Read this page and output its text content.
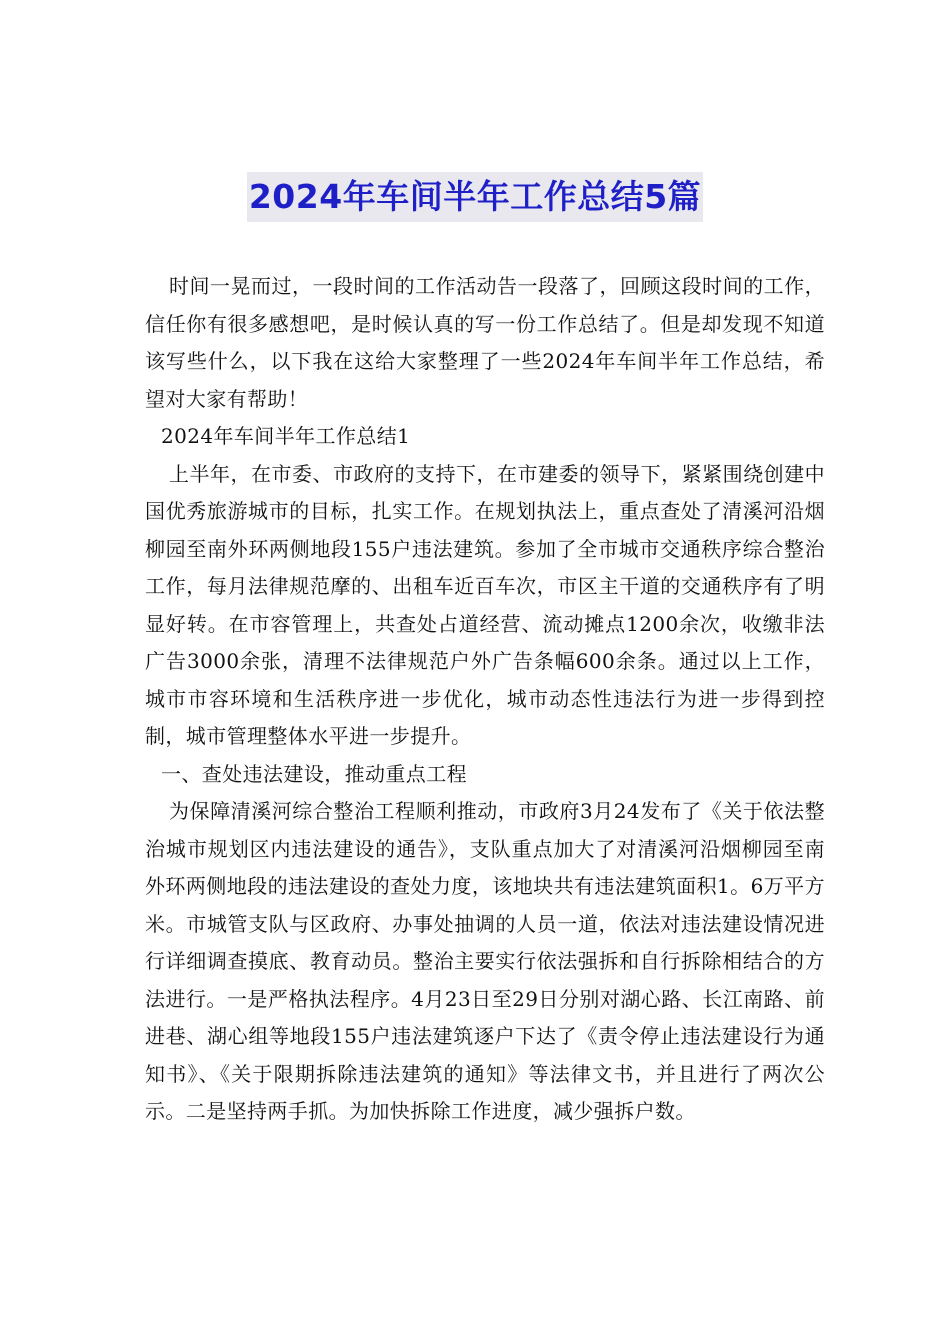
2024年车间半年工作总结5篇

时间一晃而过，一段时间的工作活动告一段落了，回顾这段时间的工作，信任你有很多感想吧，是时候认真的写一份工作总结了。但是却发现不知道该写些什么，以下我在这给大家整理了一些2024年车间半年工作总结，希望对大家有帮助！

2024年车间半年工作总结1

上半年，在市委、市政府的支持下，在市建委的领导下，紧紧围绕创建中国优秀旅游城市的目标，扎实工作。在规划执法上，重点查处了清溪河沿烟柳园至南外环两侧地段155户违法建筑。参加了全市城市交通秩序综合整治工作，每月法律规范摩的、出租车近百车次，市区主干道的交通秩序有了明显好转。在市容管理上，共查处占道经营、流动摊点1200余次，收缴非法广告3000余张，清理不法律规范户外广告条幅600余条。通过以上工作，城市市容环境和生活秩序进一步优化，城市动态性违法行为进一步得到控制，城市管理整体水平进一步提升。

一、查处违法建设，推动重点工程

为保障清溪河综合整治工程顺利推动，市政府3月24发布了《关于依法整治城市规划区内违法建设的通告》，支队重点加大了对清溪河沿烟柳园至南外环两侧地段的违法建设的查处力度，该地块共有违法建筑面积1。6万平方米。市城管支队与区政府、办事处抽调的人员一道，依法对违法建设情况进行详细调查摸底、教育动员。整治主要实行依法强拆和自行拆除相结合的方法进行。一是严格执法程序。4月23日至29日分别对湖心路、长江南路、前进巷、湖心组等地段155户违法建筑逐户下达了《责令停止违法建设行为通知书》、《关于限期拆除违法建筑的通知》等法律文书，并且进行了两次公示。二是坚持两手抓。为加快拆除工作进度，减少强拆户数。
